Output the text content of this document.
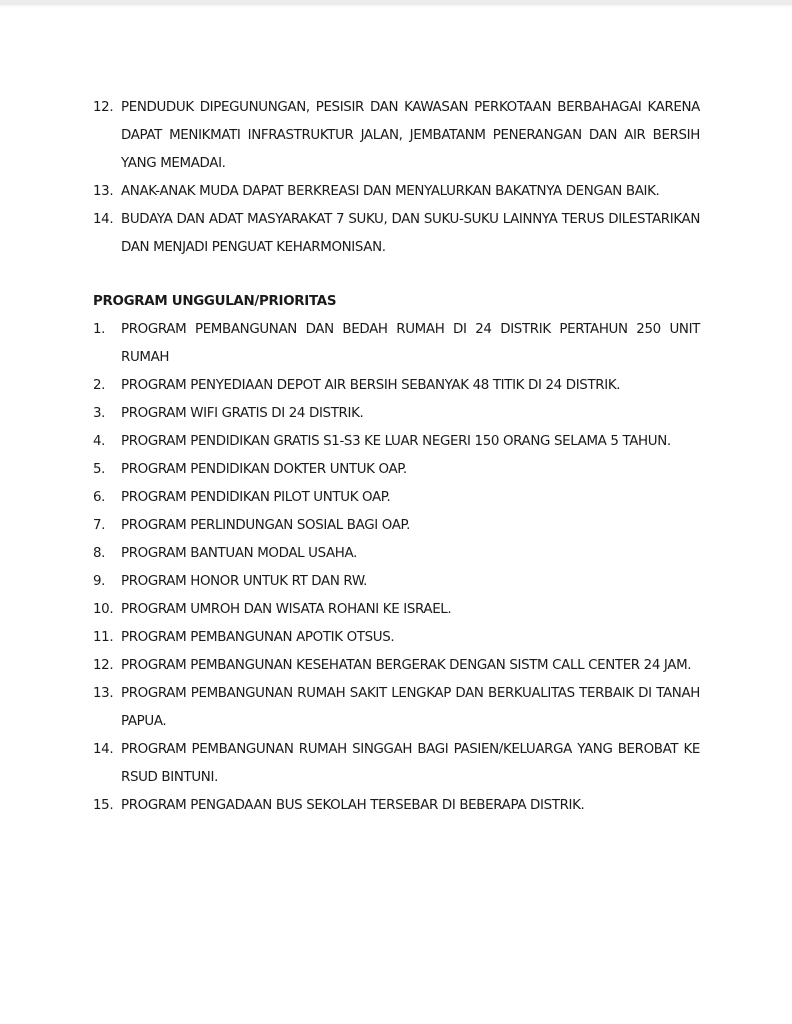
12. PENDUDUK DIPEGUNUNGAN, PESISIR DAN KAWASAN PERKOTAAN BERBAHAGAI KARENA DAPAT MENIKMATI INFRASTRUKTUR JALAN, JEMBATANM PENERANGAN DAN AIR BERSIH YANG MEMADAI.
13. ANAK-ANAK MUDA DAPAT BERKREASI DAN MENYALURKAN BAKATNYA DENGAN BAIK.
14. BUDAYA DAN ADAT MASYARAKAT 7 SUKU, DAN SUKU-SUKU LAINNYA TERUS DILESTARIKAN DAN MENJADI PENGUAT KEHARMONISAN.
PROGRAM UNGGULAN/PRIORITAS
1. PROGRAM PEMBANGUNAN DAN BEDAH RUMAH DI 24 DISTRIK PERTAHUN 250 UNIT RUMAH
2. PROGRAM PENYEDIAAN DEPOT AIR BERSIH SEBANYAK 48 TITIK DI 24 DISTRIK.
3. PROGRAM WIFI GRATIS DI 24 DISTRIK.
4. PROGRAM PENDIDIKAN GRATIS S1-S3 KE LUAR NEGERI 150 ORANG SELAMA 5 TAHUN.
5. PROGRAM PENDIDIKAN DOKTER UNTUK OAP.
6. PROGRAM PENDIDIKAN PILOT UNTUK OAP.
7. PROGRAM PERLINDUNGAN SOSIAL BAGI OAP.
8. PROGRAM BANTUAN MODAL USAHA.
9. PROGRAM HONOR UNTUK RT DAN RW.
10. PROGRAM UMROH DAN WISATA ROHANI KE ISRAEL.
11. PROGRAM PEMBANGUNAN APOTIK OTSUS.
12. PROGRAM PEMBANGUNAN KESEHATAN BERGERAK DENGAN SISTM CALL CENTER 24 JAM.
13. PROGRAM PEMBANGUNAN RUMAH SAKIT LENGKAP DAN BERKUALITAS TERBAIK DI TANAH PAPUA.
14. PROGRAM PEMBANGUNAN RUMAH SINGGAH BAGI PASIEN/KELUARGA YANG BEROBAT KE RSUD BINTUNI.
15. PROGRAM PENGADAAN BUS SEKOLAH TERSEBAR DI BEBERAPA DISTRIK.
